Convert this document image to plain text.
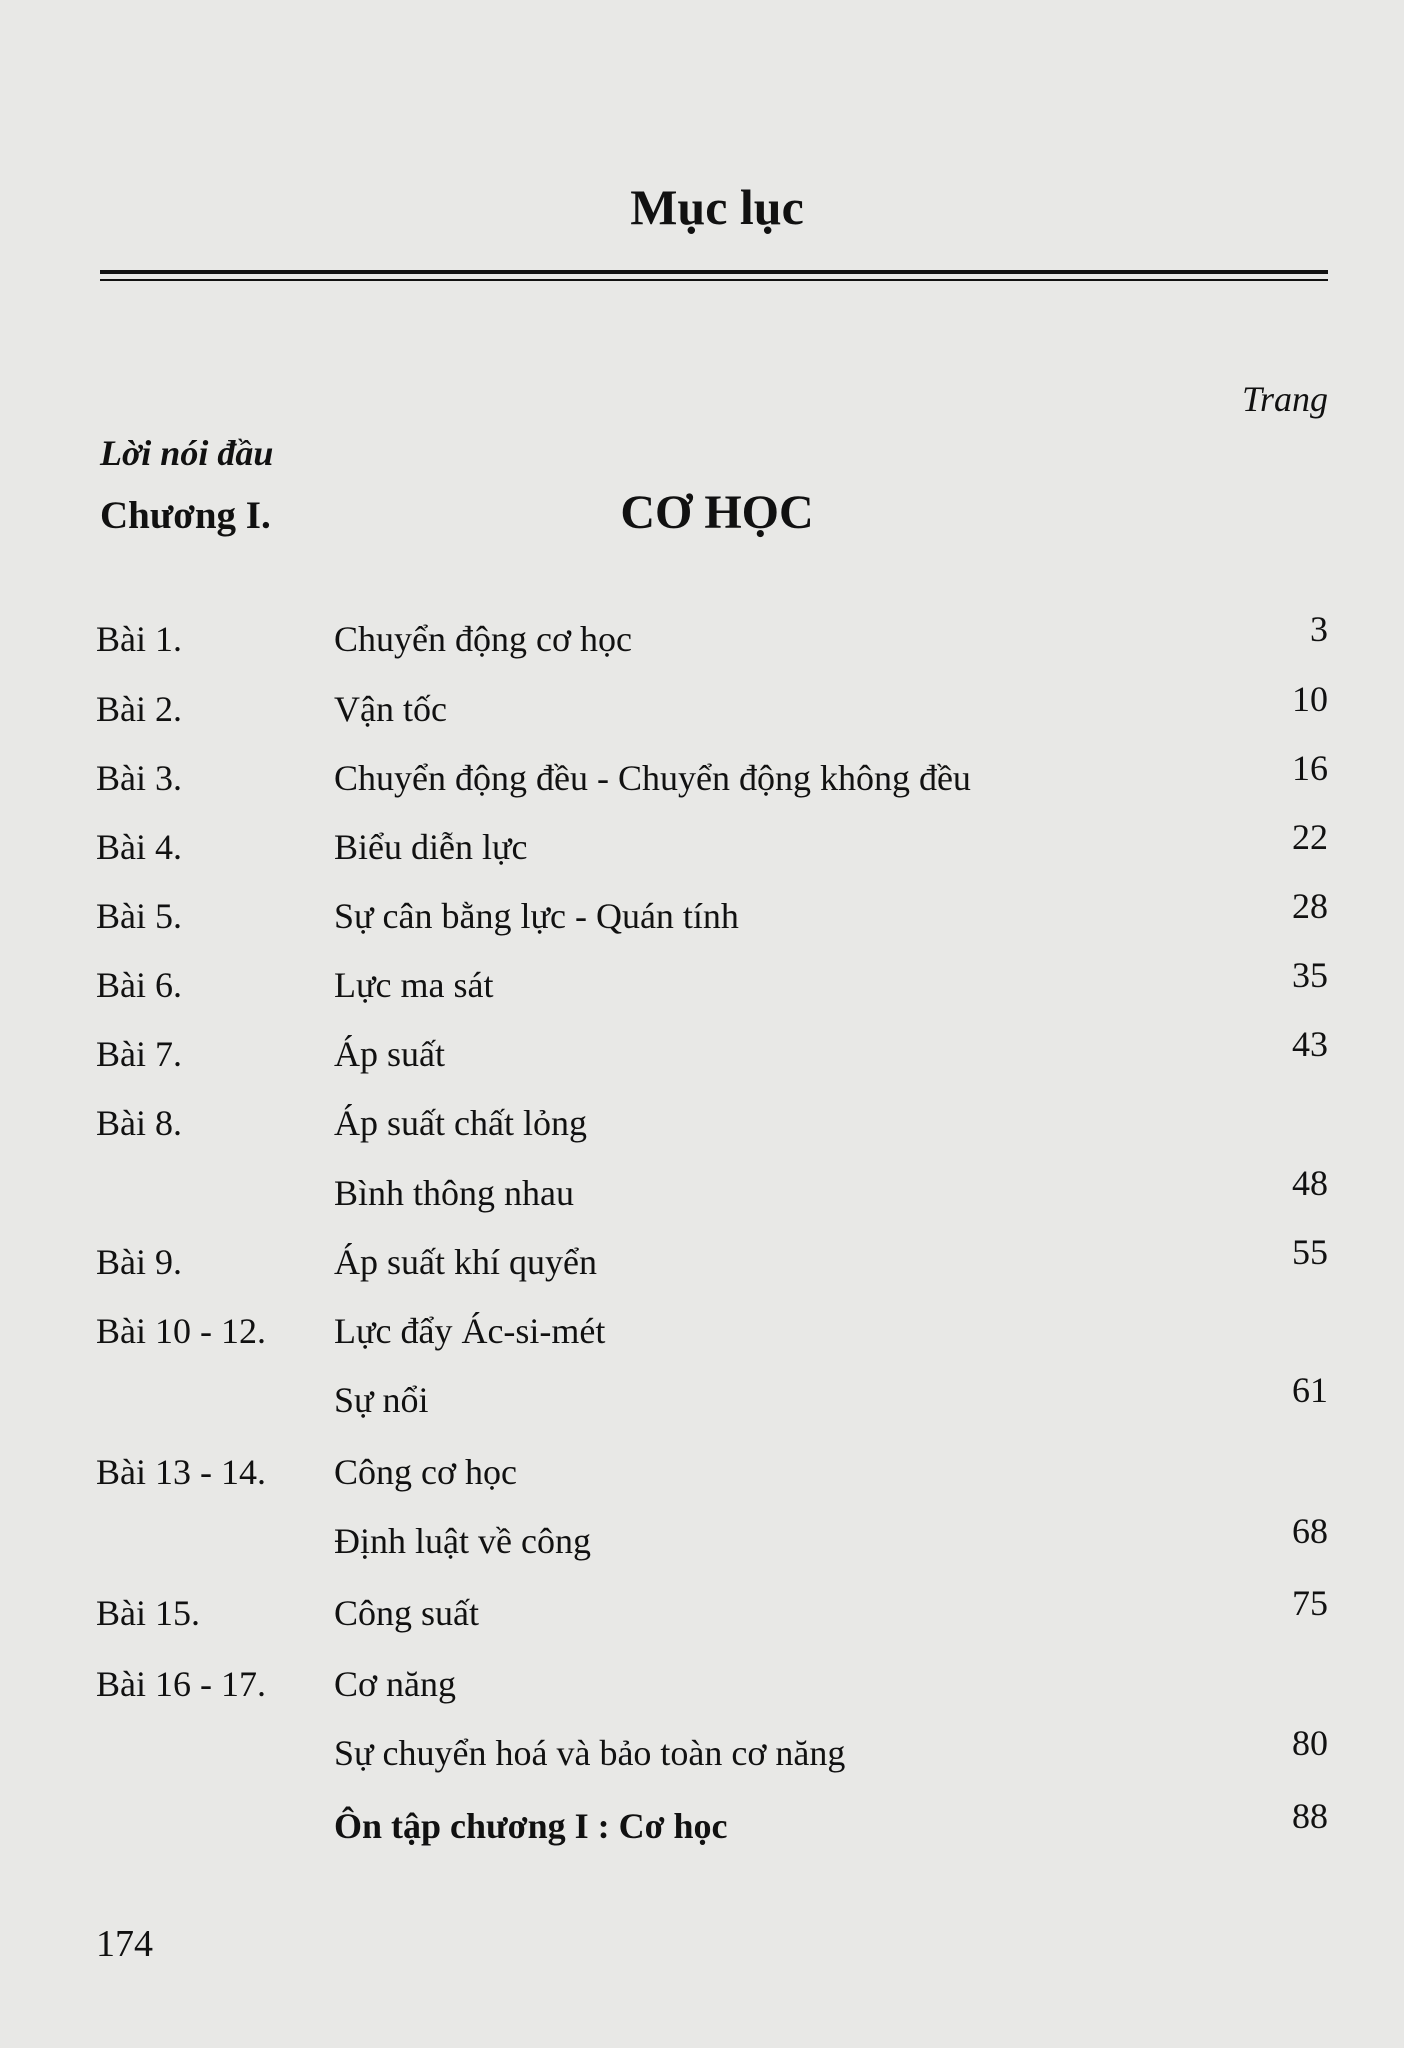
Mục lục
Trang
Lời nói đầu
Chương I.	CƠ HỌC
Bài 1.	Chuyển động cơ học	3
Bài 2.	Vận tốc	10
Bài 3.	Chuyển động đều - Chuyển động không đều	16
Bài 4.	Biểu diễn lực	22
Bài 5.	Sự cân bằng lực - Quán tính	28
Bài 6.	Lực ma sát	35
Bài 7.	Áp suất	43
Bài 8.	Áp suất chất lỏng
Bình thông nhau	48
Bài 9.	Áp suất khí quyển	55
Bài 10 - 12. Lực đẩy Ác-si-mét
Sự nổi	61
Bài 13 - 14. Công cơ học
Định luật về công	68
Bài 15.	Công suất	75
Bài 16 - 17. Cơ năng
Sự chuyển hoá và bảo toàn cơ năng	80
Ôn tập chương I : Cơ học	88
174
